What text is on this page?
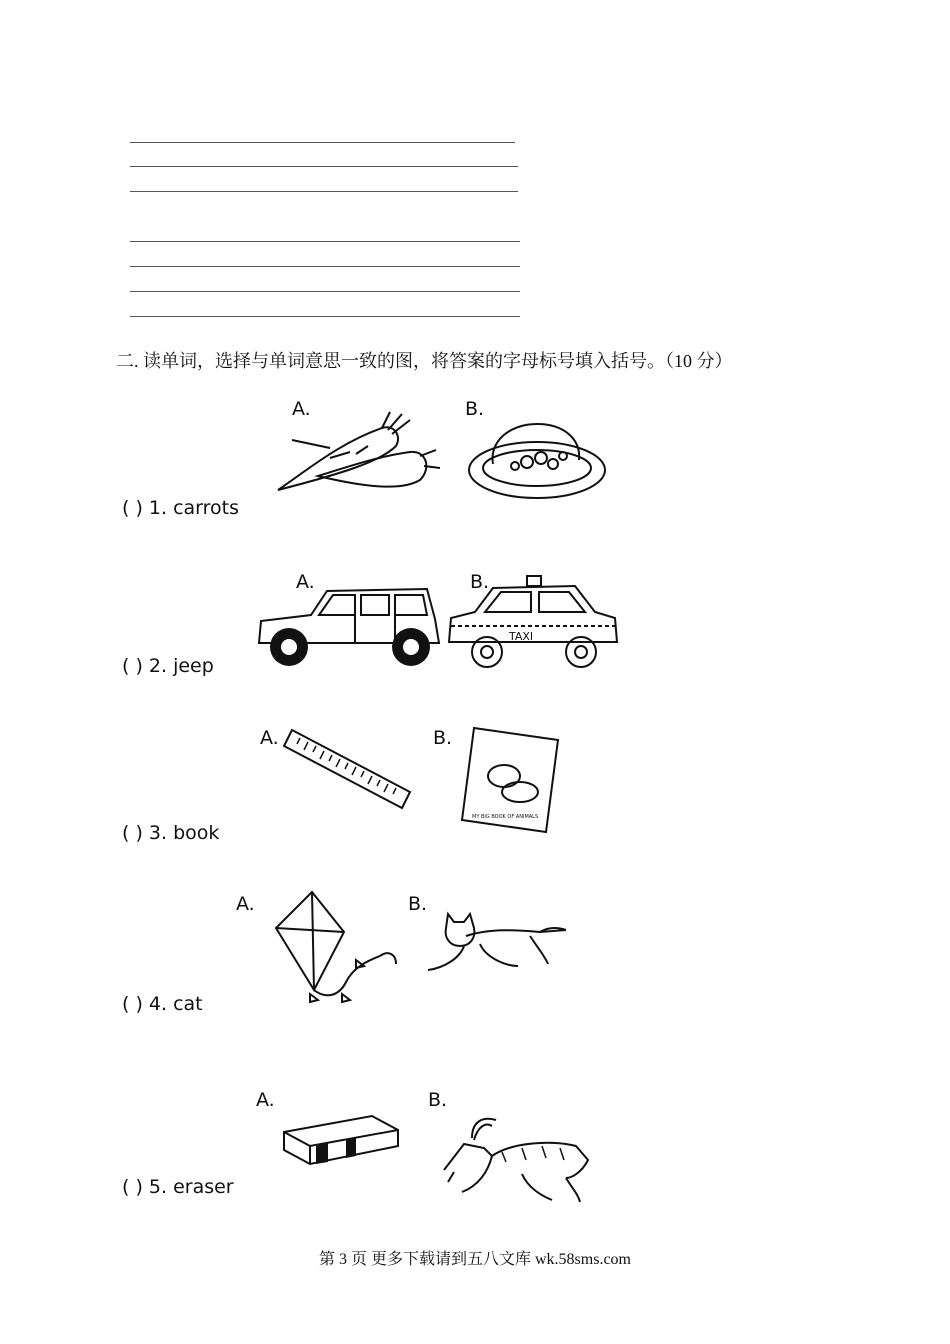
二. 读单词，选择与单词意思一致的图，将答案的字母标号填入括号。（10 分）
A.	B.
( ) 1. carrots
A.	B.
TAXI
( ) 2. jeep
A.	B.
MY BIG BOOK OF ANIMALS
( ) 3. book
A.	B.
( ) 4. cat
A.	B.
( ) 5. eraser
第 3 页 更多下载请到五八文库 wk.58sms.com
